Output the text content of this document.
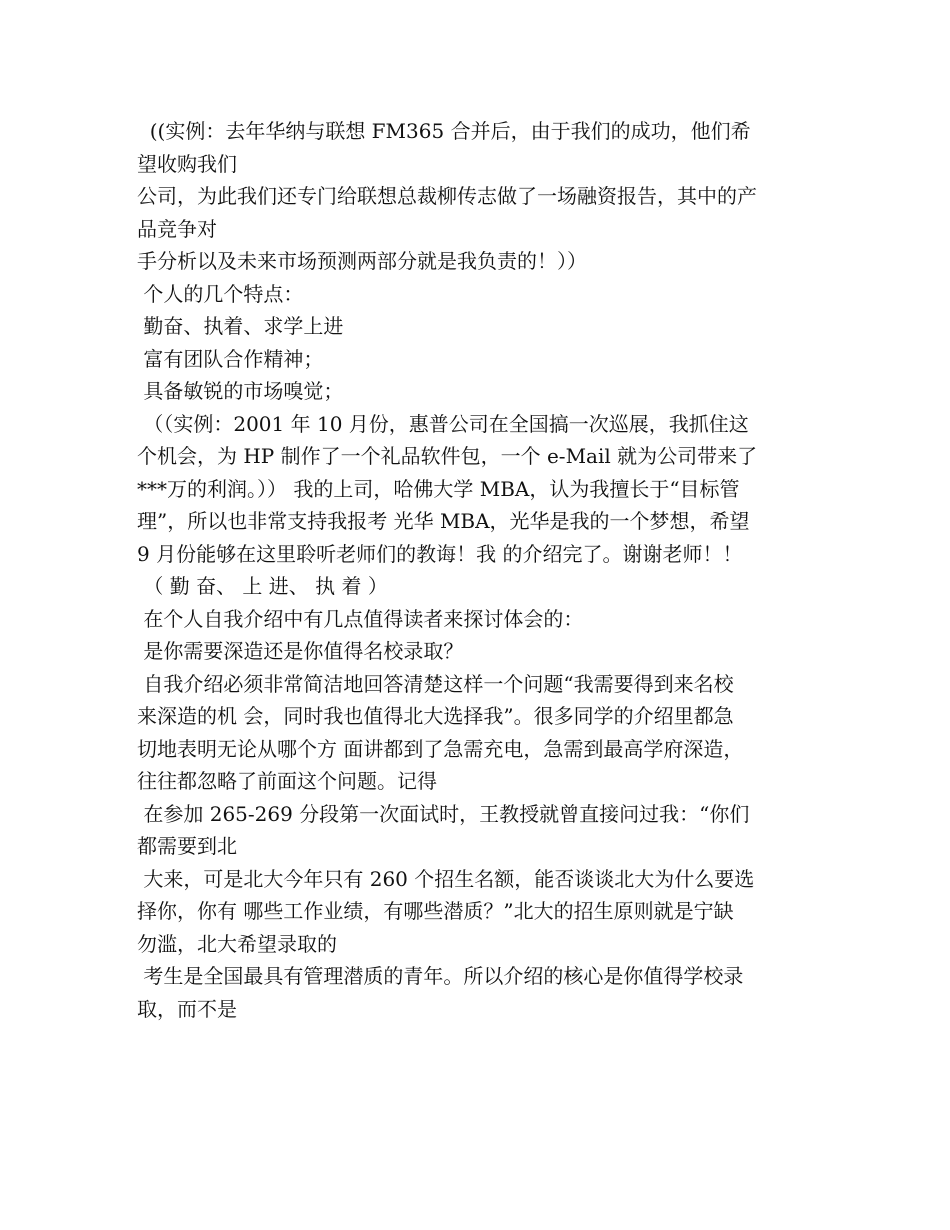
((实例：去年华纳与联想 FM365 合并后，由于我们的成功，他们希
望收购我们
公司，为此我们还专门给联想总裁柳传志做了一场融资报告，其中的产
品竞争对
手分析以及未来市场预测两部分就是我负责的！））
个人的几个特点：
勤奋、执着、求学上进
富有团队合作精神；
具备敏锐的市场嗅觉；
（（实例：2001 年 10 月份，惠普公司在全国搞一次巡展，我抓住这
个机会，为 HP 制作了一个礼品软件包，一个 e-Mail 就为公司带来了
***万的利润。）） 我的上司，哈佛大学 MBA，认为我擅长于“目标管
理”，所以也非常支持我报考 光华 MBA，光华是我的一个梦想，希望
9 月份能够在这里聆听老师们的教诲！我 的介绍完了。谢谢老师！！
（ 勤 奋、 上 进、 执 着 ）
在个人自我介绍中有几点值得读者来探讨体会的：
是你需要深造还是你值得名校录取？
自我介绍必须非常简洁地回答清楚这样一个问题“我需要得到来名校
来深造的机 会，同时我也值得北大选择我”。很多同学的介绍里都急
切地表明无论从哪个方 面讲都到了急需充电，急需到最高学府深造，
往往都忽略了前面这个问题。记得
在参加 265-269 分段第一次面试时，王教授就曾直接问过我：“你们
都需要到北
大来，可是北大今年只有 260 个招生名额，能否谈谈北大为什么要选
择你，你有 哪些工作业绩，有哪些潜质？”北大的招生原则就是宁缺
勿滥，北大希望录取的
考生是全国最具有管理潜质的青年。所以介绍的核心是你值得学校录
取，而不是
